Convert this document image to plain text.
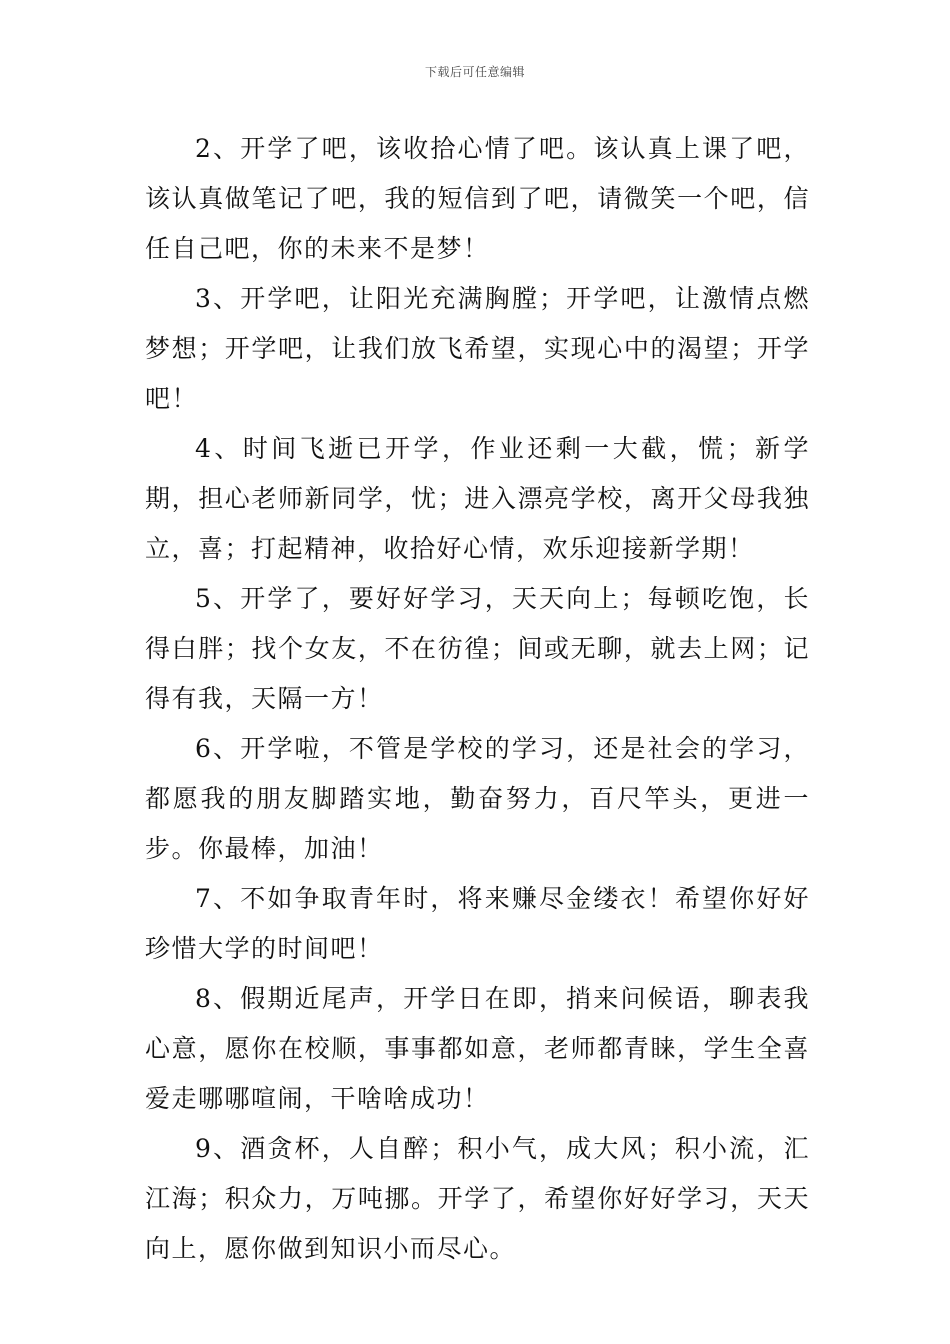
下载后可任意编辑

2、开学了吧，该收拾心情了吧。该认真上课了吧，该认真做笔记了吧，我的短信到了吧，请微笑一个吧，信任自己吧，你的未来不是梦！

3、开学吧，让阳光充满胸膛；开学吧，让激情点燃梦想；开学吧，让我们放飞希望，实现心中的渴望；开学吧！

4、时间飞逝已开学，作业还剩一大截，慌；新学期，担心老师新同学，忧；进入漂亮学校，离开父母我独立，喜；打起精神，收拾好心情，欢乐迎接新学期！

5、开学了，要好好学习，天天向上；每顿吃饱，长得白胖；找个女友，不在彷徨；间或无聊，就去上网；记得有我，天隔一方！

6、开学啦，不管是学校的学习，还是社会的学习，都愿我的朋友脚踏实地，勤奋努力，百尺竿头，更进一步。你最棒，加油！

7、不如争取青年时，将来赚尽金缕衣！希望你好好珍惜大学的时间吧！

8、假期近尾声，开学日在即，捎来问候语，聊表我心意，愿你在校顺，事事都如意，老师都青睐，学生全喜爱走哪哪喧闹，干啥啥成功！

9、酒贪杯，人自醉；积小气，成大风；积小流，汇江海；积众力，万吨挪。开学了，希望你好好学习，天天向上，愿你做到知识小而尽心。
